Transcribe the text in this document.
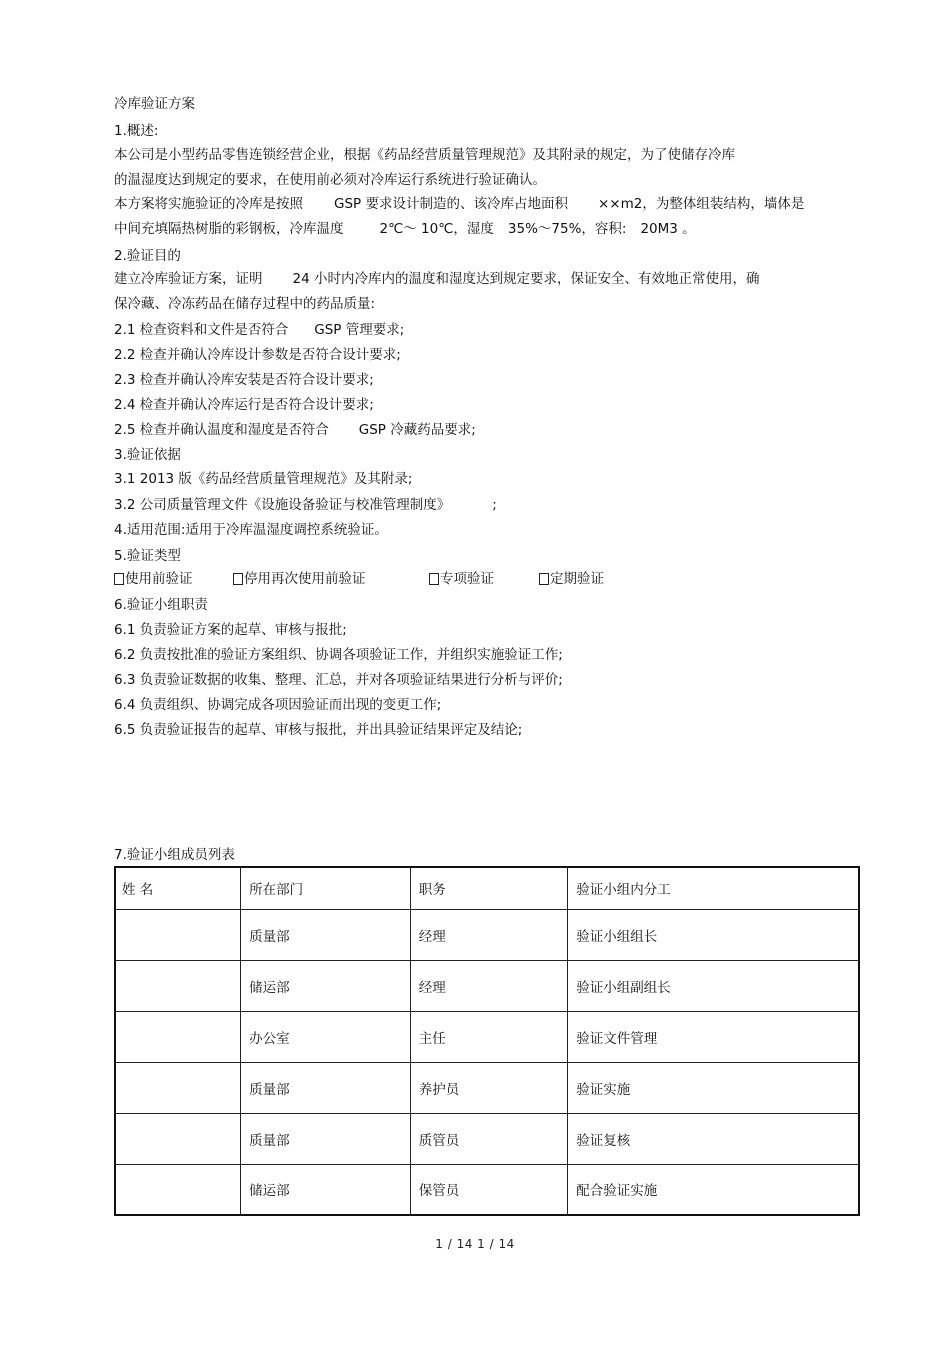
冷库验证方案
1.概述:
本公司是小型药品零售连锁经营企业，根据《药品经营质量管理规范》及其附录的规定，为了使储存冷库
的温湿度达到规定的要求，在使用前必须对冷库运行系统进行验证确认。
本方案将实施验证的冷库是按照 GSP 要求设计制造的、该冷库占地面积 ××m2，为整体组装结构，墙体是
中间充填隔热树脂的彩钢板，冷库温度	2℃～ 10℃，湿度 35%～75%，容积: 20M3 。
2.验证目的
建立冷库验证方案，证明 24 小时内冷库内的温度和湿度达到规定要求，保证安全、有效地正常使用，确
保冷藏、冷冻药品在储存过程中的药品质量:
2.1 检查资料和文件是否符合 GSP 管理要求;
2.2 检查并确认冷库设计参数是否符合设计要求;
2.3 检查并确认冷库安装是否符合设计要求;
2.4 检查并确认冷库运行是否符合设计要求;
2.5 检查并确认温度和湿度是否符合 GSP 冷藏药品要求;
3.验证依据
3.1 2013 版《药品经营质量管理规范》及其附录;
3.2 公司质量管理文件《设施设备验证与校准管理制度》	;
4.适用范围:适用于冷库温湿度调控系统验证。
5.验证类型
使用前验证	停用再次使用前验证	专项验证	定期验证
6.验证小组职责
6.1 负责验证方案的起草、审核与报批;
6.2 负责按批准的验证方案组织、协调各项验证工作，并组织实施验证工作;
6.3 负责验证数据的收集、整理、汇总，并对各项验证结果进行分析与评价;
6.4 负责组织、协调完成各项因验证而出现的变更工作;
6.5 负责验证报告的起草、审核与报批，并出具验证结果评定及结论;
7.验证小组成员列表
姓 名	所在部门	职务	验证小组内分工
	质量部	经理	验证小组组长
	储运部	经理	验证小组副组长
	办公室	主任	验证文件管理
	质量部	养护员	验证实施
	质量部	质管员	验证复核
	储运部	保管员	配合验证实施
1 / 14 1 / 14
